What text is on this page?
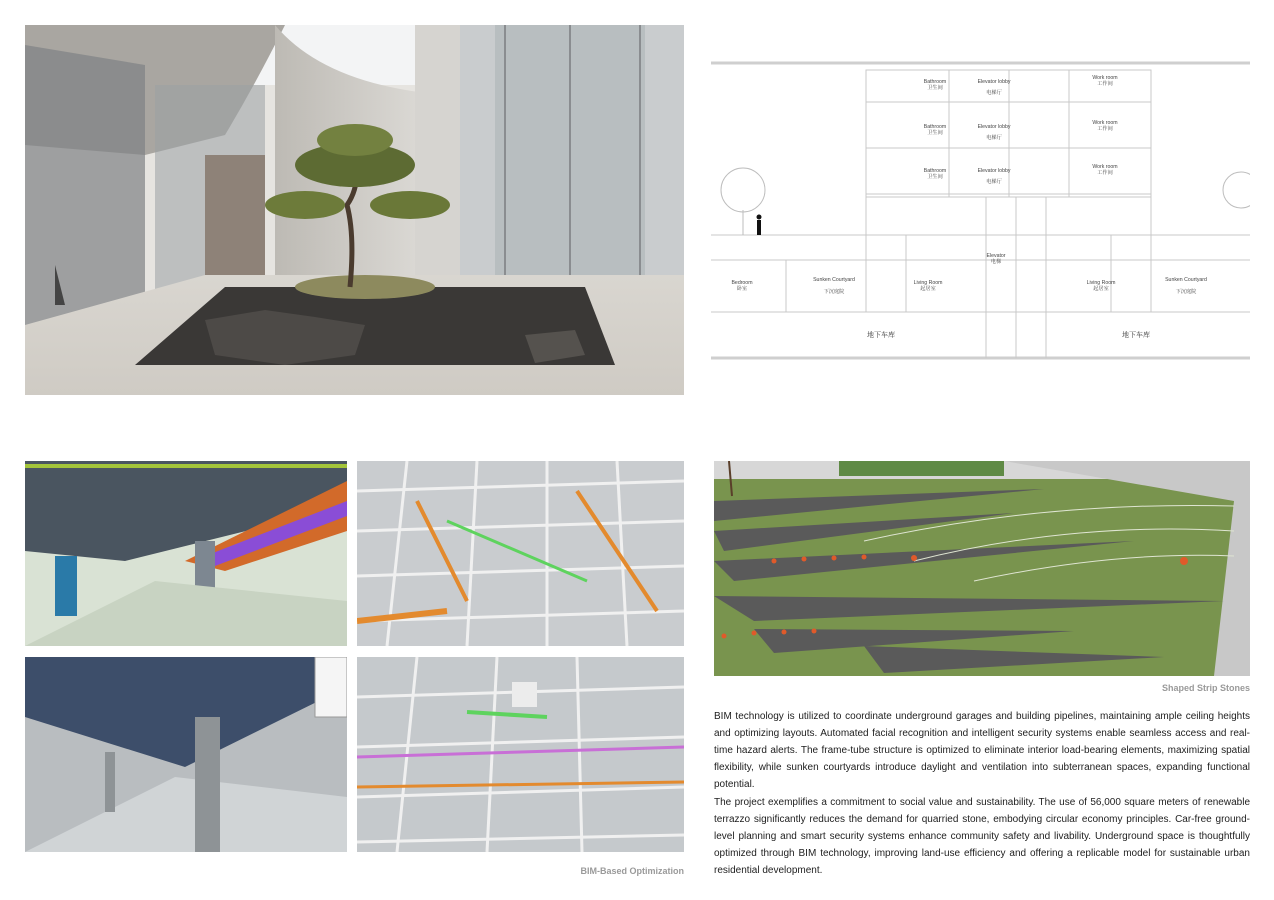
Bathroom
卫生间
Elevator lobby
电梯厅
Work room
工作间
Bathroom
卫生间
Elevator lobby
电梯厅
Work room
工作间
Bathroom
卫生间
Elevator lobby
电梯厅
Work room
工作间
Elevator
电梯
Bedroom
卧室
Sunken Courtyard
下沉庭院
Living Room
起居室
Living Room
起居室
Sunken Courtyard
下沉庭院
地下车库	地下车库
BIM-Based Optimization
Shaped Strip Stones

BIM technology is utilized to coordinate underground garages and building pipelines, maintaining ample ceiling heights and optimizing layouts. Automated facial recognition and intelligent security systems enable seamless access and real-time hazard alerts. The frame-tube structure is optimized to eliminate interior load-bearing elements, maximizing spatial flexibility, while sunken courtyards introduce daylight and ventilation into subterranean spaces, expanding functional potential.

The project exemplifies a commitment to social value and sustainability. The use of 56,000 square meters of renewable terrazzo significantly reduces the demand for quarried stone, embodying circular economy principles. Car-free ground-level planning and smart security systems enhance community safety and livability. Underground space is thoughtfully optimized through BIM technology, improving land-use efficiency and offering a replicable model for sustainable urban residential development.
